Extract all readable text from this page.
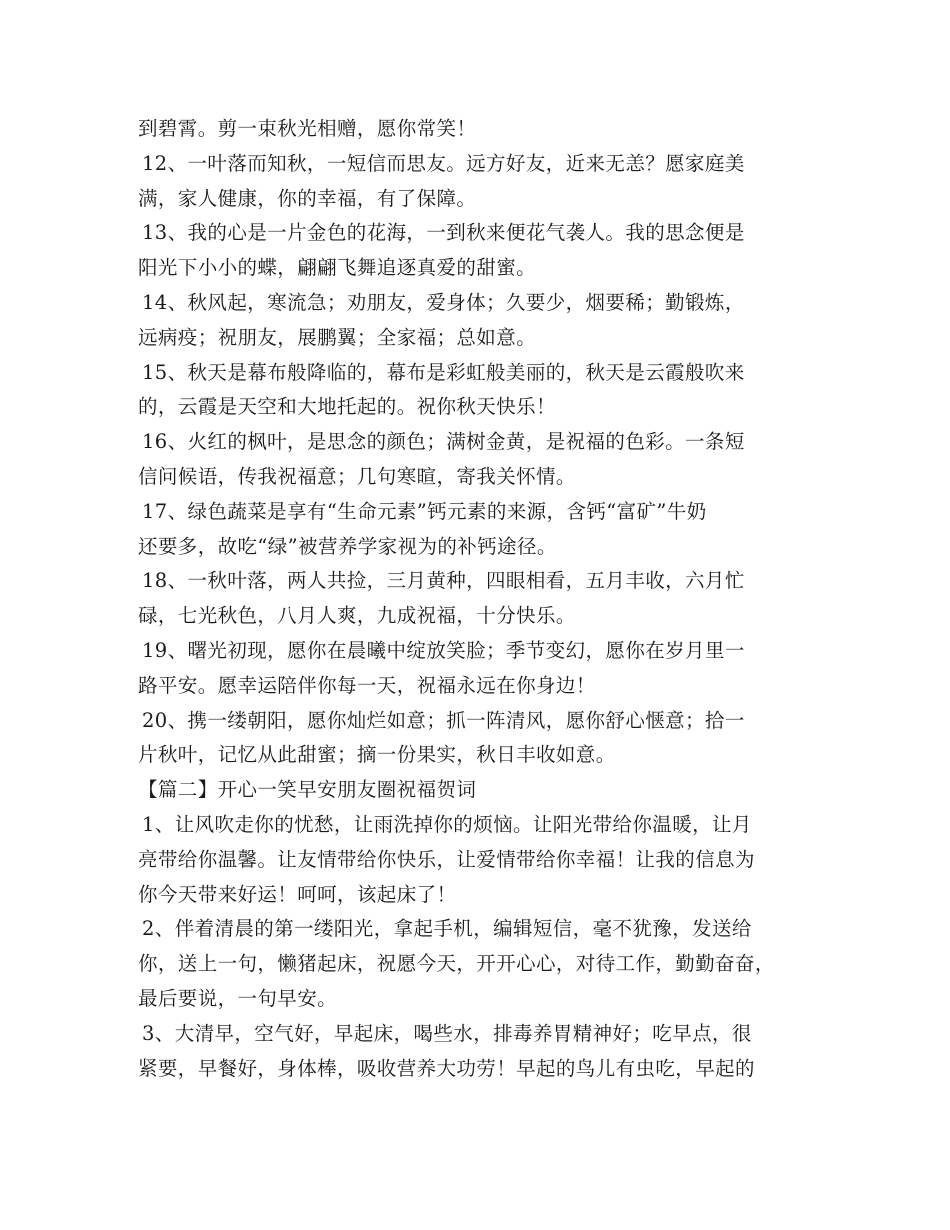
到碧霄。剪一束秋光相赠，愿你常笑！
12、一叶落而知秋，一短信而思友。远方好友，近来无恙？愿家庭美
满，家人健康，你的幸福，有了保障。
13、我的心是一片金色的花海，一到秋来便花气袭人。我的思念便是
阳光下小小的蝶，翩翩飞舞追逐真爱的甜蜜。
14、秋风起，寒流急；劝朋友，爱身体；久要少，烟要稀；勤锻炼，
远病疫；祝朋友，展鹏翼；全家福；总如意。
15、秋天是幕布般降临的，幕布是彩虹般美丽的，秋天是云霞般吹来
的，云霞是天空和大地托起的。祝你秋天快乐！
16、火红的枫叶，是思念的颜色；满树金黄，是祝福的色彩。一条短
信问候语，传我祝福意；几句寒暄，寄我关怀情。
17、绿色蔬菜是享有“生命元素”钙元素的来源，含钙“富矿”牛奶
还要多，故吃“绿”被营养学家视为的补钙途径。
18、一秋叶落，两人共捡，三月黄种，四眼相看，五月丰收，六月忙
碌，七光秋色，八月人爽，九成祝福，十分快乐。
19、曙光初现，愿你在晨曦中绽放笑脸；季节变幻，愿你在岁月里一
路平安。愿幸运陪伴你每一天，祝福永远在你身边！
20、携一缕朝阳，愿你灿烂如意；抓一阵清风，愿你舒心惬意；拾一
片秋叶，记忆从此甜蜜；摘一份果实，秋日丰收如意。
【篇二】开心一笑早安朋友圈祝福贺词
1、让风吹走你的忧愁，让雨洗掉你的烦恼。让阳光带给你温暖，让月
亮带给你温馨。让友情带给你快乐，让爱情带给你幸福！让我的信息为
你今天带来好运！呵呵，该起床了！
2、伴着清晨的第一缕阳光，拿起手机，编辑短信，毫不犹豫，发送给
你，送上一句，懒猪起床，祝愿今天，开开心心，对待工作，勤勤奋奋，
最后要说，一句早安。
3、大清早，空气好，早起床，喝些水，排毒养胃精神好；吃早点，很
紧要，早餐好，身体棒，吸收营养大功劳！早起的鸟儿有虫吃，早起的
